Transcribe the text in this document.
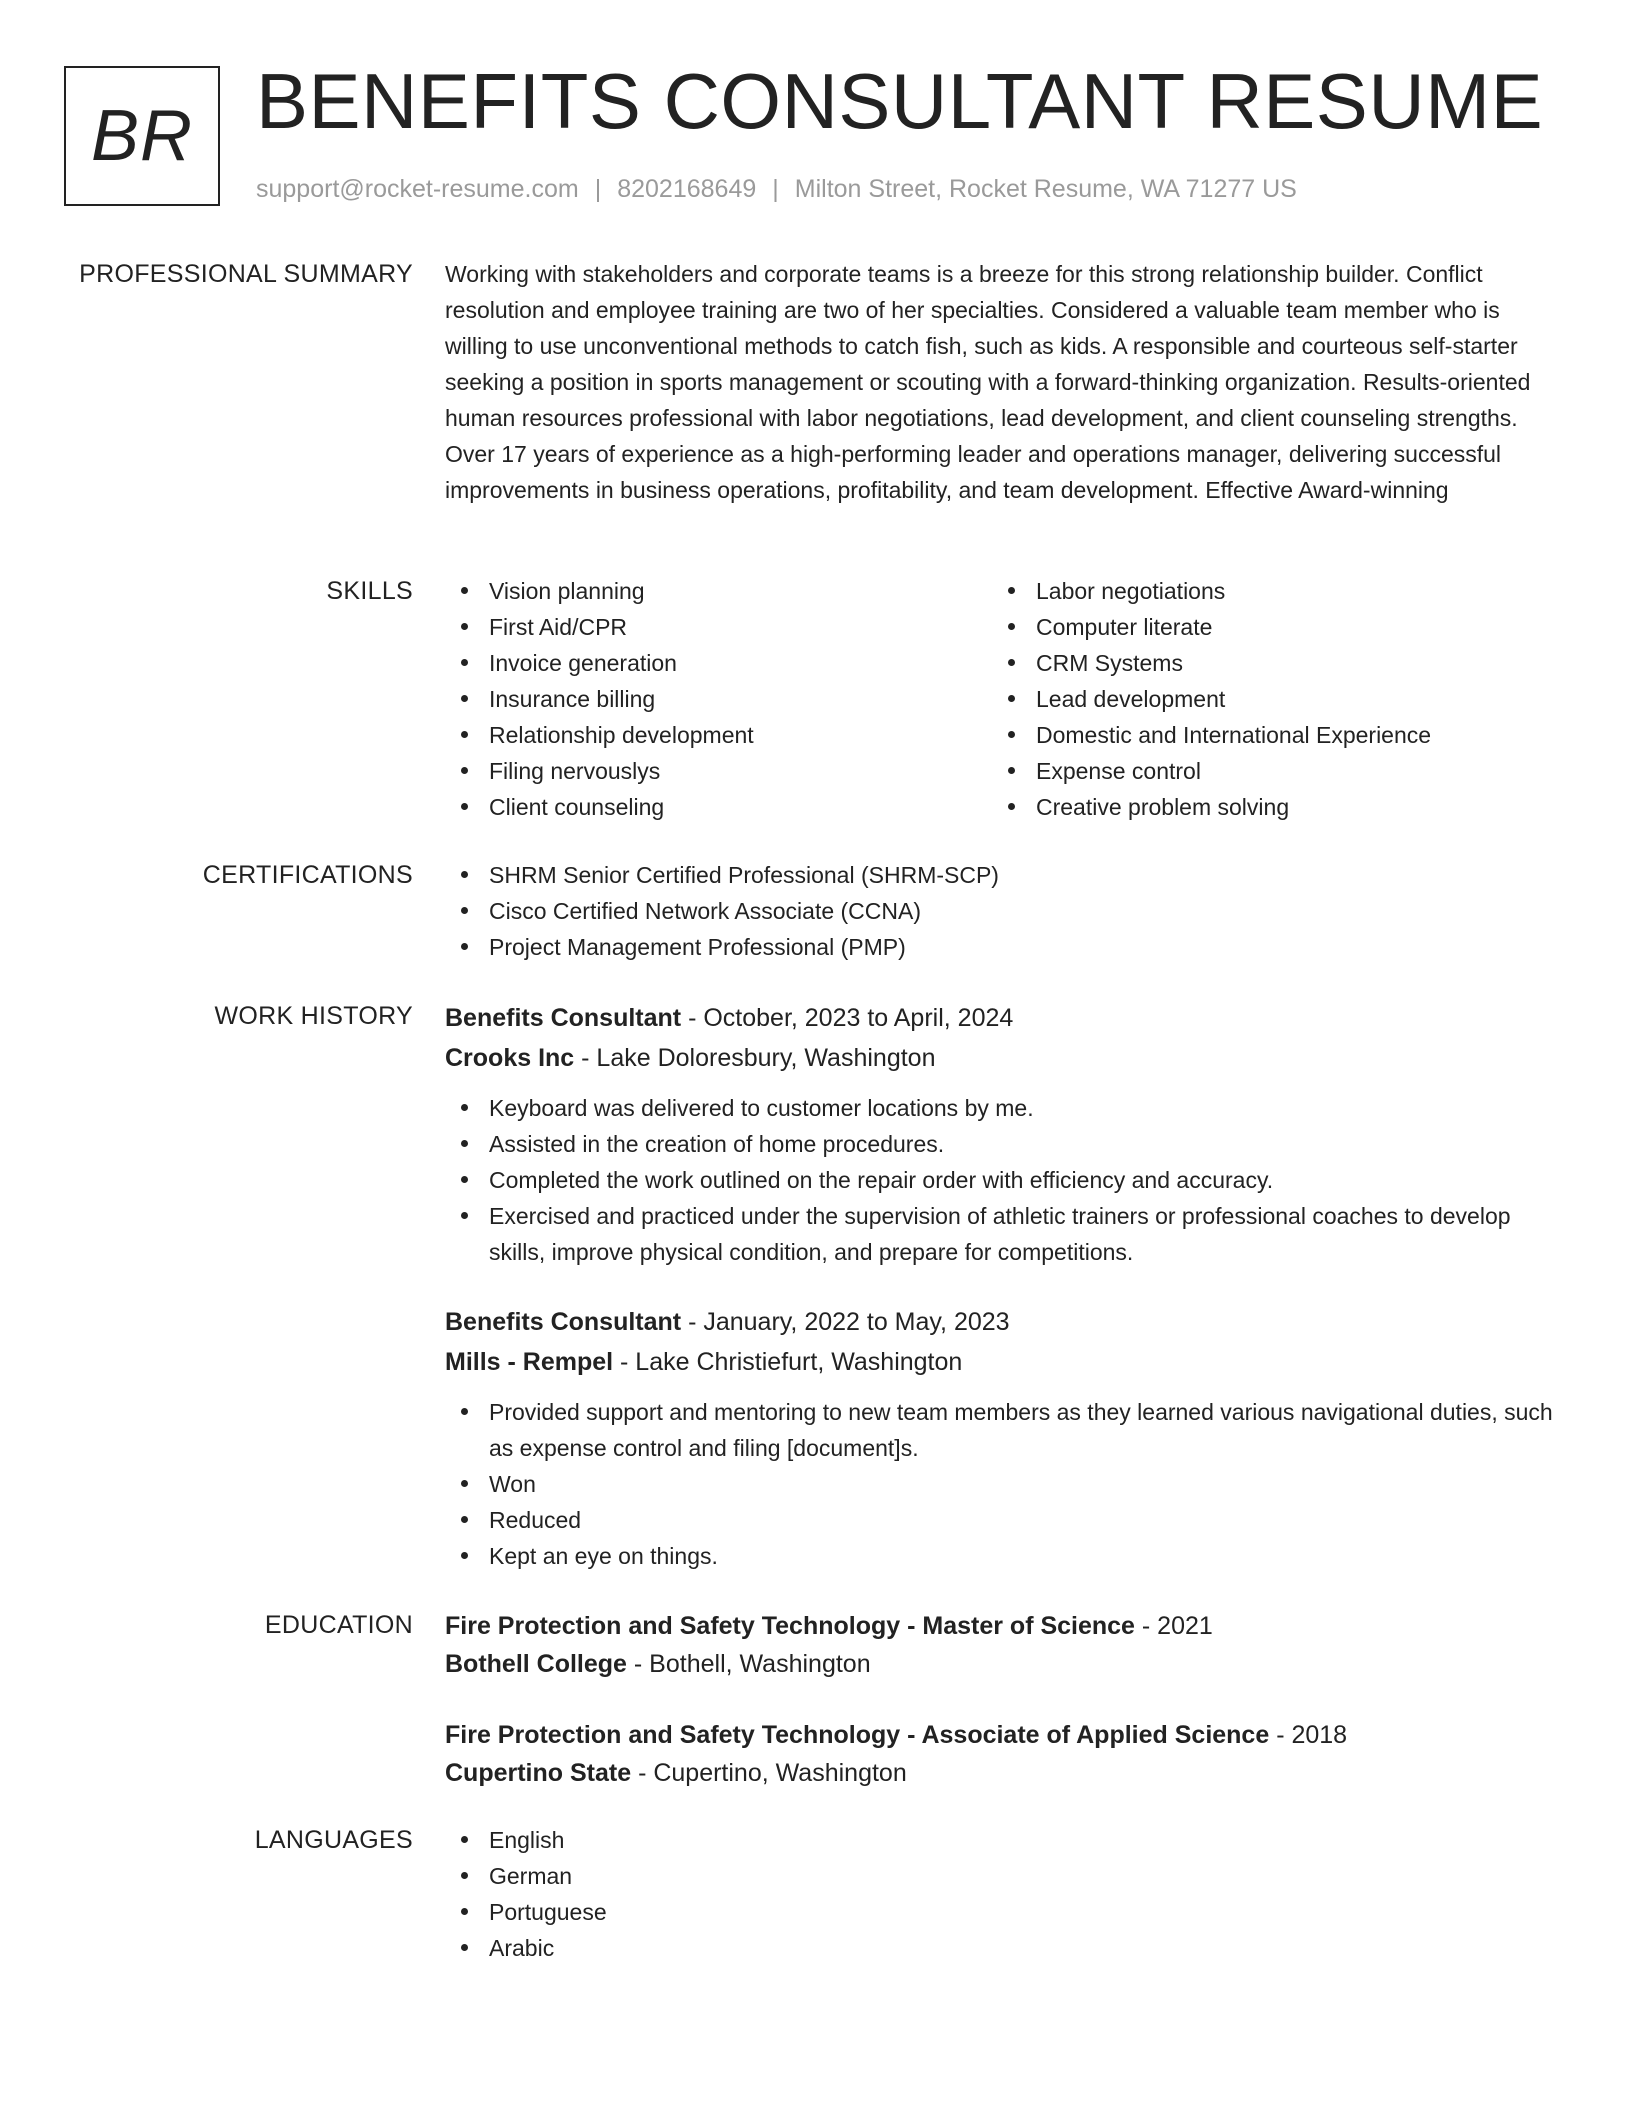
BR BENEFITS CONSULTANT RESUME
support@rocket-resume.com | 8202168649 | Milton Street, Rocket Resume, WA 71277 US
PROFESSIONAL SUMMARY Working with stakeholders and corporate teams is a breeze for this strong relationship builder. Conflict resolution and employee training are two of her specialties. Considered a valuable team member who is willing to use unconventional methods to catch fish, such as kids. A responsible and courteous self-starter seeking a position in sports management or scouting with a forward-thinking organization. Results-oriented human resources professional with labor negotiations, lead development, and client counseling strengths. Over 17 years of experience as a high-performing leader and operations manager, delivering successful improvements in business operations, profitability, and team development. Effective Award-winning

SKILLS	Vision planning
First Aid/CPR
Invoice generation
Insurance billing
Relationship development
Filing nervouslys
Client counseling
Labor negotiations
Computer literate
CRM Systems
Lead development
Domestic and International Experience
Expense control
Creative problem solving
CERTIFICATIONS	SHRM Senior Certified Professional (SHRM-SCP)
Cisco Certified Network Associate (CCNA)
Project Management Professional (PMP)
WORK HISTORY Benefits Consultant - October, 2023 to April, 2024
Crooks Inc - Lake Doloresbury, Washington
Keyboard was delivered to customer locations by me.
Assisted in the creation of home procedures.
Completed the work outlined on the repair order with efficiency and accuracy.
Exercised and practiced under the supervision of athletic trainers or professional coaches to develop skills, improve physical condition, and prepare for competitions.
Benefits Consultant - January, 2022 to May, 2023
Mills - Rempel - Lake Christiefurt, Washington
Provided support and mentoring to new team members as they learned various navigational duties, such as expense control and filing [document]s.
Won
Reduced
Kept an eye on things.
EDUCATION Fire Protection and Safety Technology - Master of Science - 2021
Bothell College - Bothell, Washington
Fire Protection and Safety Technology - Associate of Applied Science - 2018
Cupertino State - Cupertino, Washington
LANGUAGES	English
German
Portuguese
Arabic
